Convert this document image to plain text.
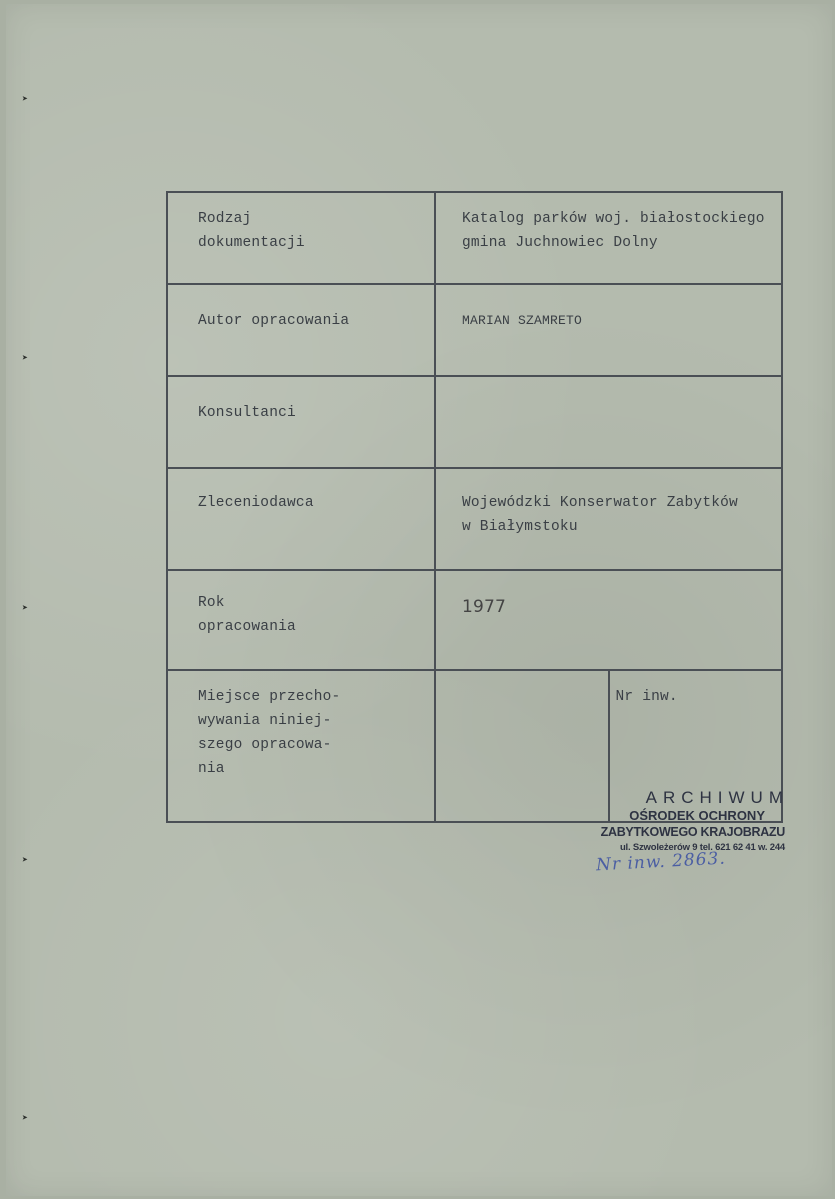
➤
➤
➤
➤
➤

Rodzaj
dokumentacji	Katalog parków woj. białostockiego
gmina Juchnowiec Dolny	

Autor opracowania	MARIAN SZAMRETO	

Konsultanci		

Zleceniodawca	Wojewódzki Konserwator Zabytków
w Białymstoku	

Rok
opracowania	1977	

Miejsce przecho-
wywania niniej-
szego opracowa-
nia		Nr inw.

ARCHIWUM
OŚRODEK OCHRONY
ZABYTKOWEGO KRAJOBRAZU
ul. Szwoleżerów 9 tel. 621 62 41 w. 244
Nr inw. 2863.
